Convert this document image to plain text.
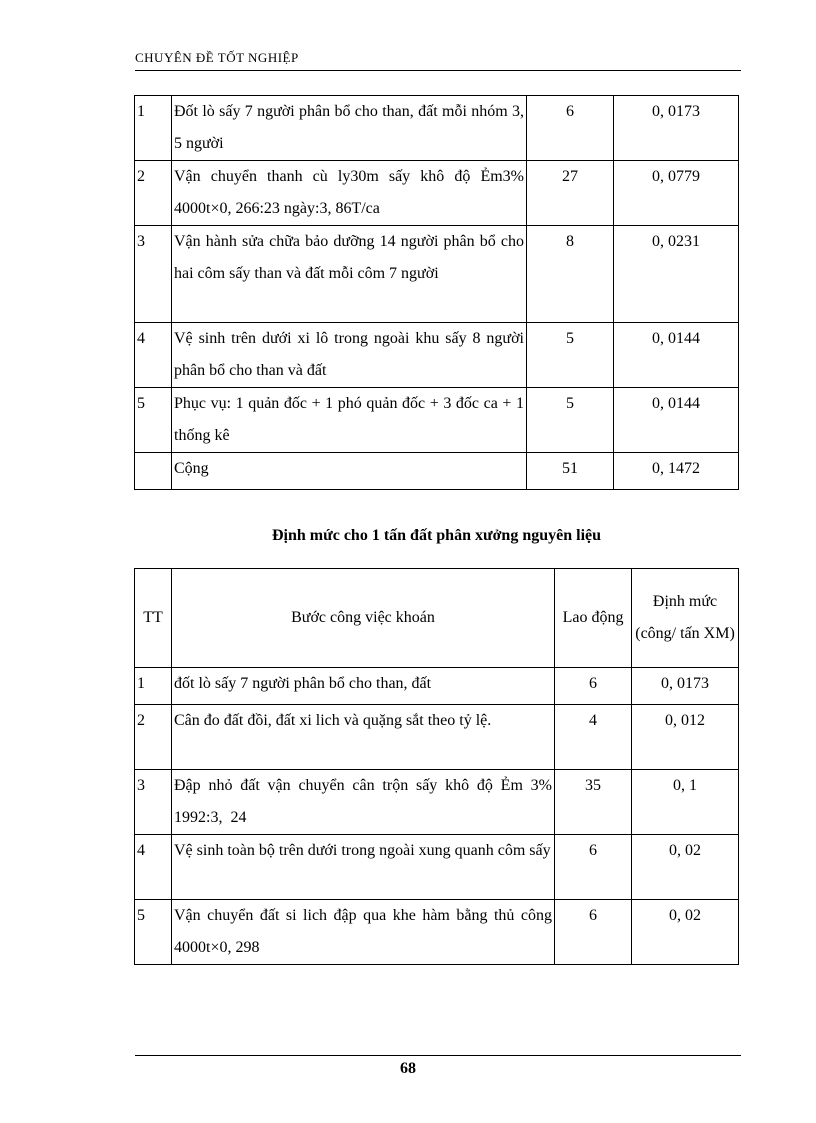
CHUYÊN ĐỀ TỐT NGHIỆP
1	Đốt lò sấy 7 người phân bổ cho than, đất mỗi nhóm 3, 5 người	6	0, 0173
2	Vận chuyển thanh cù ly30m sấy khô độ Ẻm3% 4000t×0, 266:23 ngày:3, 86T/ca	27	0, 0779
3	Vận hành sửa chữa bảo dưỡng 14 người phân bổ cho hai côm sấy than và đất mỗi côm 7 người	8	0, 0231
4	Vệ sinh trên dưới xi lô trong ngoài khu sấy 8 người phân bổ cho than và đất	5	0, 0144
5	Phục vụ: 1 quản đốc + 1 phó quản đốc + 3 đốc ca + 1 thống kê	5	0, 0144
	Cộng	51	0, 1472
Định mức cho 1 tấn đất phân xưởng nguyên liệu
TT	Bước công việc khoán	Lao động	Định mức (công/ tấn XM)
1	đốt lò sấy 7 người phân bổ cho than, đất	6	0, 0173
2	Cân đo đất đồi, đất xi lich và quặng sắt theo tỷ lệ.	4	0, 012
3	Đập nhỏ đất vận chuyển cân trộn sấy khô độ Ẻm 3%        1992:3,  24	35	0, 1
4	Vệ sinh toàn bộ trên dưới trong ngoài xung quanh côm sấy	6	0, 02
5	Vận chuyển đất si lich đập qua khe hàm bằng thủ công 4000t×0, 298	6	0, 02
68
